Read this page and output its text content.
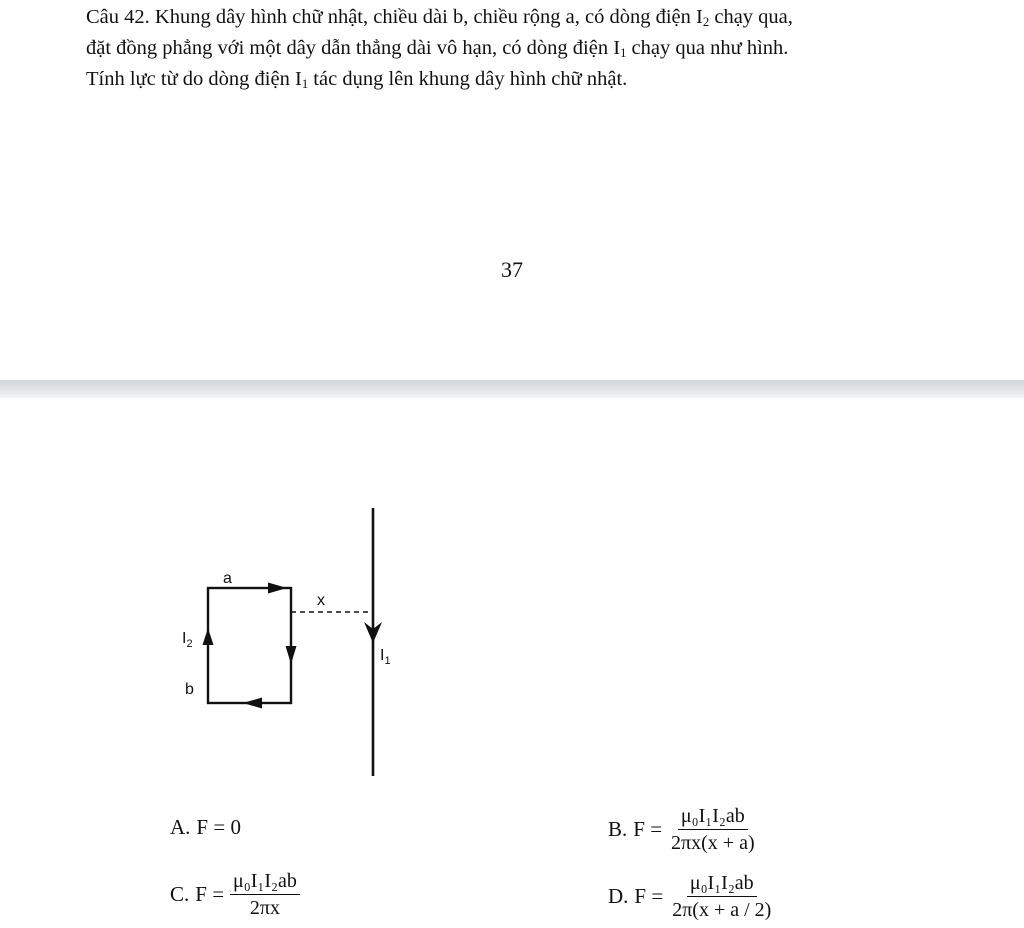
Câu 42. Khung dây hình chữ nhật, chiều dài b, chiều rộng a, có dòng điện $I_2$ chạy qua,
đặt đồng phẳng với một dây dẫn thẳng dài vô hạn, có dòng điện $I_1$ chạy qua như hình.
Tính lực từ do dòng điện $I_1$ tác dụng lên khung dây hình chữ nhật.
37
a
x
b
$I_2$
$I_1$
A. F = 0	B. $F = \frac{\text{μ₀I₁I₂ab}}{2\pi x(x + a)}$
C. $F = \frac{\text{μ₀I₁I₂ab}}{2\pi x}$	D. $F = \frac{\text{μ₀I₁I₂ab}}{2\pi(x + a / 2)}$
